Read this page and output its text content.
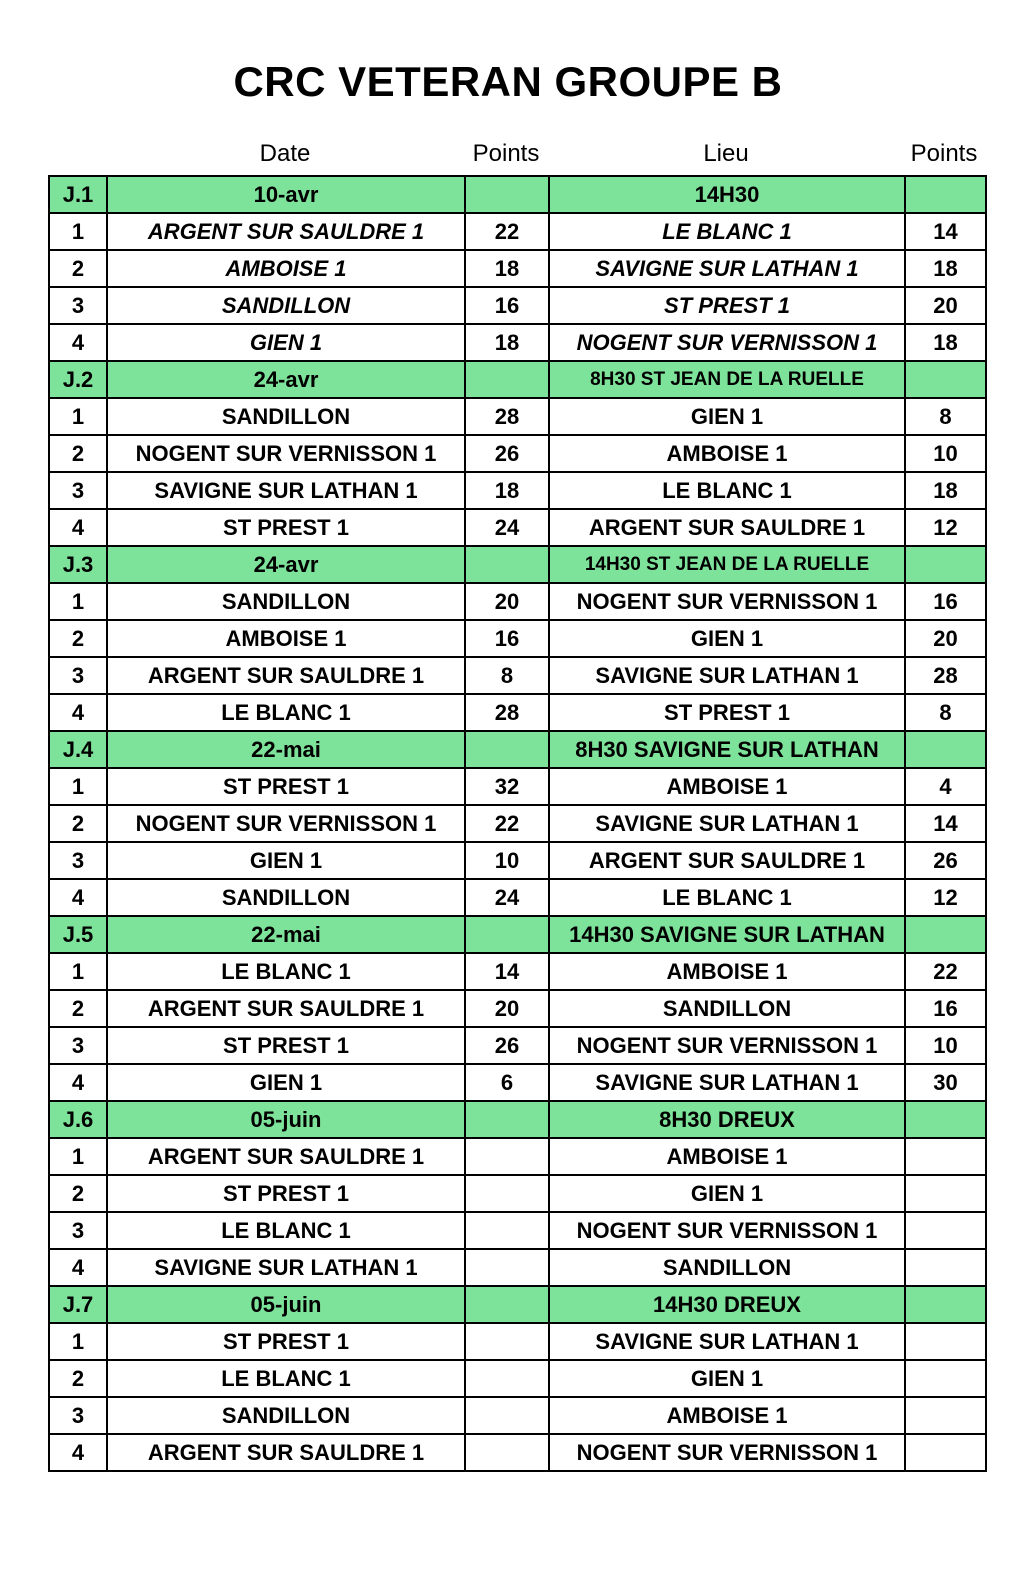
CRC VETERAN GROUPE B
Date	Points	Lieu	Points
J.1	10-avr		14H30	
1	ARGENT SUR SAULDRE 1	22	LE BLANC 1	14
2	AMBOISE 1	18	SAVIGNE SUR LATHAN 1	18
3	SANDILLON	16	ST PREST 1	20
4	GIEN 1	18	NOGENT SUR VERNISSON 1	18
J.2	24-avr		8H30 ST JEAN DE LA RUELLE	
1	SANDILLON	28	GIEN 1	8
2	NOGENT SUR VERNISSON 1	26	AMBOISE 1	10
3	SAVIGNE SUR LATHAN 1	18	LE BLANC 1	18
4	ST PREST 1	24	ARGENT SUR SAULDRE 1	12
J.3	24-avr		14H30 ST JEAN DE LA RUELLE	
1	SANDILLON	20	NOGENT SUR VERNISSON 1	16
2	AMBOISE 1	16	GIEN 1	20
3	ARGENT SUR SAULDRE 1	8	SAVIGNE SUR LATHAN 1	28
4	LE BLANC 1	28	ST PREST 1	8
J.4	22-mai		8H30 SAVIGNE SUR LATHAN	
1	ST PREST 1	32	AMBOISE 1	4
2	NOGENT SUR VERNISSON 1	22	SAVIGNE SUR LATHAN 1	14
3	GIEN 1	10	ARGENT SUR SAULDRE 1	26
4	SANDILLON	24	LE BLANC 1	12
J.5	22-mai		14H30 SAVIGNE SUR LATHAN	
1	LE BLANC 1	14	AMBOISE 1	22
2	ARGENT SUR SAULDRE 1	20	SANDILLON	16
3	ST PREST 1	26	NOGENT SUR VERNISSON 1	10
4	GIEN 1	6	SAVIGNE SUR LATHAN 1	30
J.6	05-juin		8H30 DREUX	
1	ARGENT SUR SAULDRE 1		AMBOISE 1	
2	ST PREST 1		GIEN 1	
3	LE BLANC 1		NOGENT SUR VERNISSON 1	
4	SAVIGNE SUR LATHAN 1		SANDILLON	
J.7	05-juin		14H30 DREUX	
1	ST PREST 1		SAVIGNE SUR LATHAN 1	
2	LE BLANC 1		GIEN 1	
3	SANDILLON		AMBOISE 1	
4	ARGENT SUR SAULDRE 1		NOGENT SUR VERNISSON 1	
